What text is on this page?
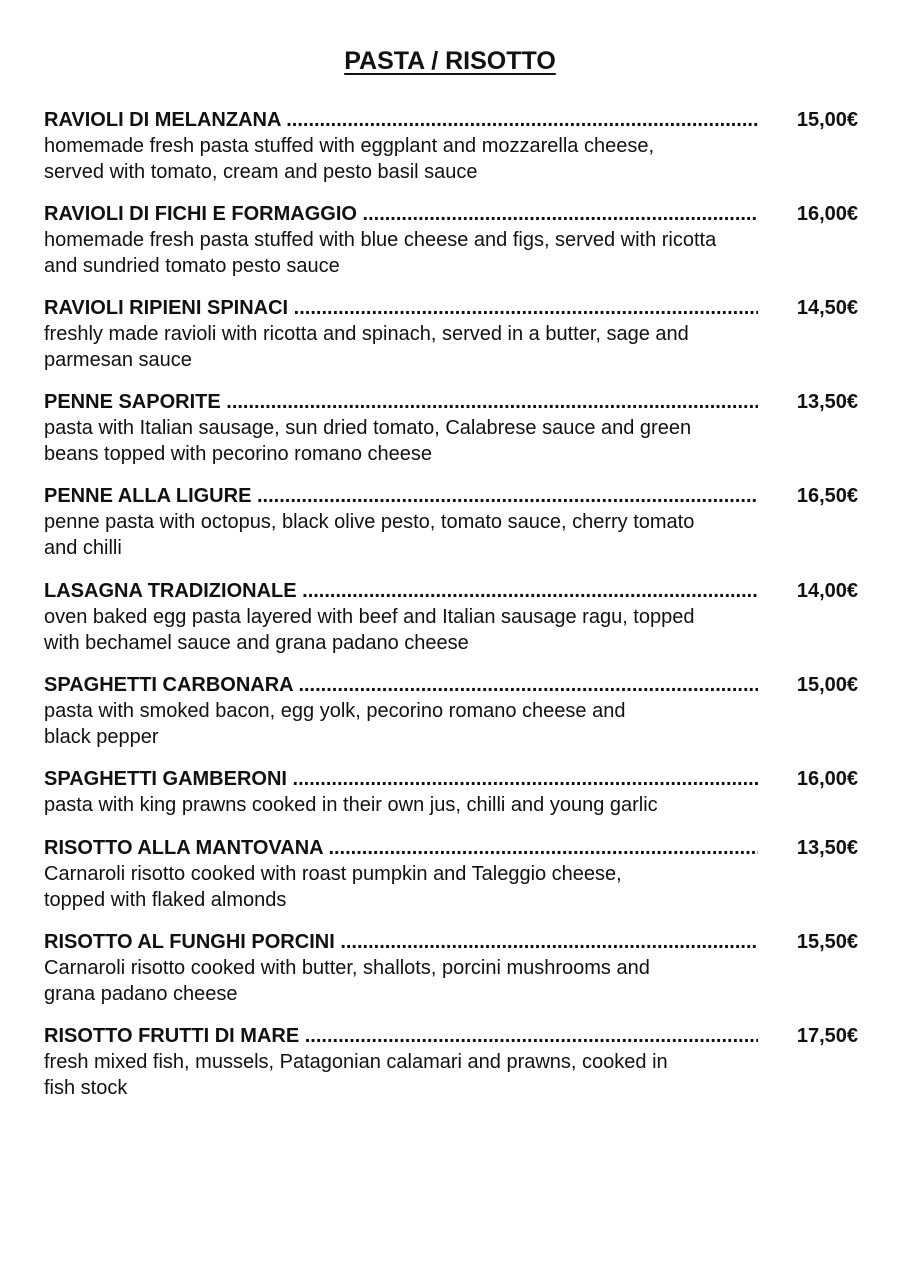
PASTA / RISOTTO
RAVIOLI DI MELANZANA .....	15,00€

homemade fresh pasta stuffed with eggplant and mozzarella cheese,
served with tomato, cream and pesto basil sauce

RAVIOLI DI FICHI E FORMAGGIO .....	16,00€

homemade fresh pasta stuffed with blue cheese and figs, served with ricotta
and sundried tomato pesto sauce

RAVIOLI RIPIENI SPINACI .....	14,50€

freshly made ravioli with ricotta and spinach, served in a butter, sage and
parmesan sauce

PENNE SAPORITE .....	13,50€

pasta with Italian sausage, sun dried tomato, Calabrese sauce and green
beans topped with pecorino romano cheese

PENNE ALLA LIGURE .....	16,50€

penne pasta with octopus, black olive pesto, tomato sauce, cherry tomato
and chilli

LASAGNA TRADIZIONALE .....	14,00€

oven baked egg pasta layered with beef and Italian sausage ragu, topped
with bechamel sauce and grana padano cheese

SPAGHETTI CARBONARA .....	15,00€

pasta with smoked bacon, egg yolk, pecorino romano cheese and
black pepper

SPAGHETTI GAMBERONI .....	16,00€

pasta with king prawns cooked in their own jus, chilli and young garlic

RISOTTO ALLA MANTOVANA .....	13,50€

Carnaroli risotto cooked with roast pumpkin and Taleggio cheese,
topped with flaked almonds

RISOTTO AL FUNGHI PORCINI .....	15,50€

Carnaroli risotto cooked with butter, shallots, porcini mushrooms and
grana padano cheese

RISOTTO FRUTTI DI MARE .....	17,50€

fresh mixed fish, mussels, Patagonian calamari and prawns, cooked in
fish stock
